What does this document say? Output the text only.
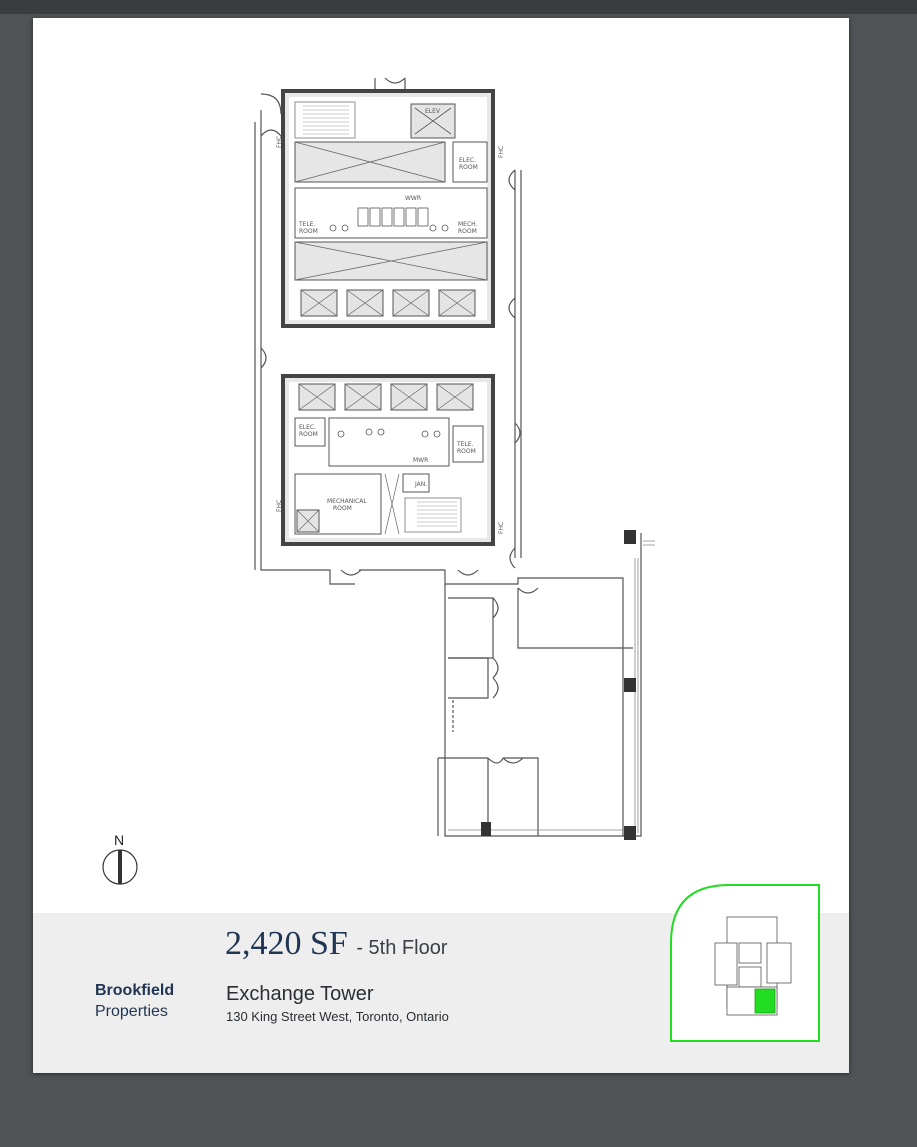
ELEV
ELEC.
ROOM
WWR
TELE.
ROOM
MECH.
ROOM
ELEC.
ROOM
MWR
TELE.
ROOM
MECHANICAL
ROOM
JAN.
FHC
FHC
FHC
FHC
N
2,420 SF - 5th Floor
Exchange Tower
130 King Street West, Toronto, Ontario
Brookfield
Properties
